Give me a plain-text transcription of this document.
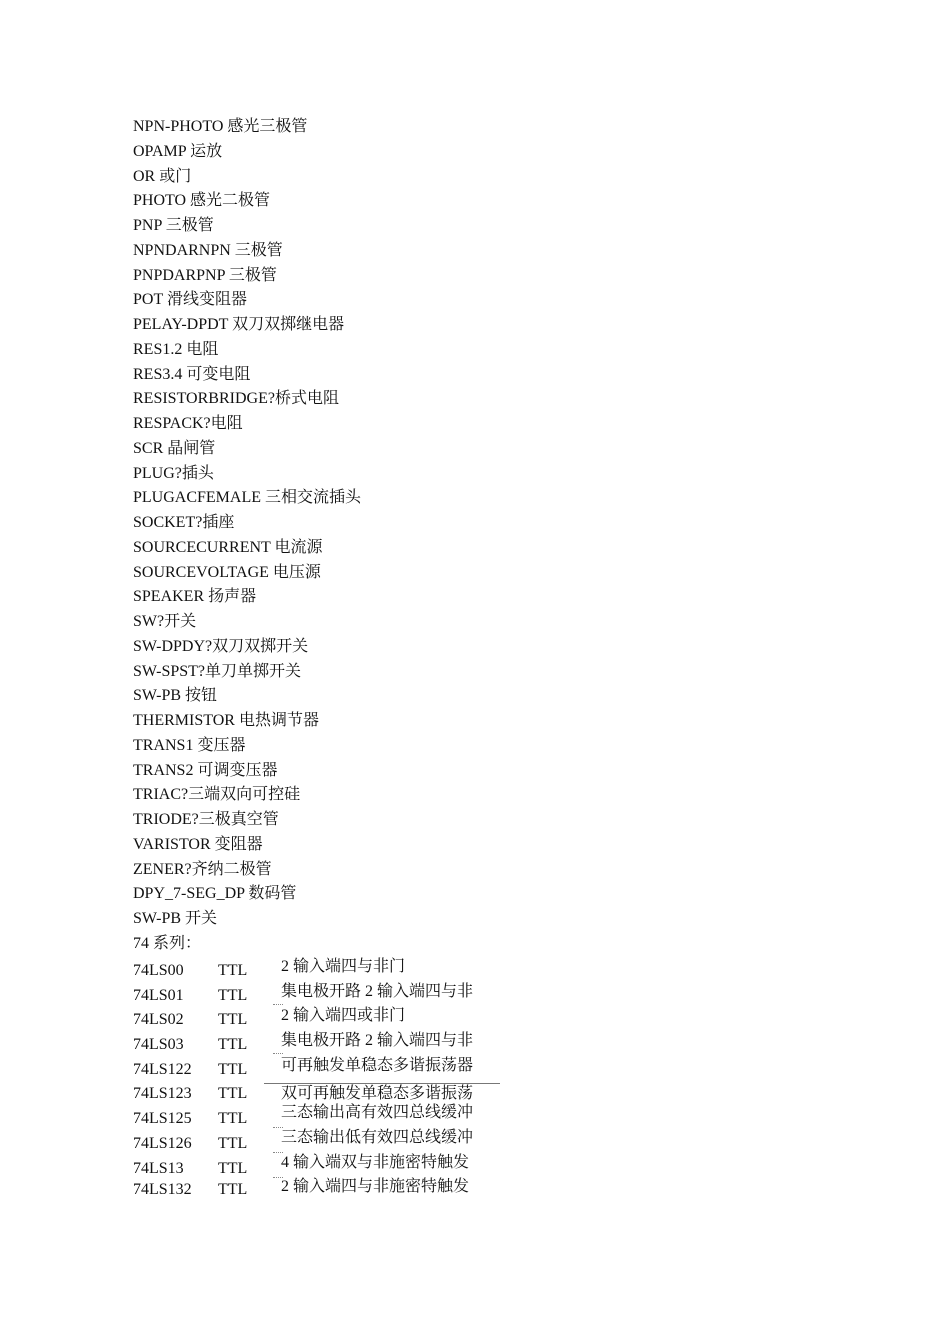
NPN-PHOTO 感光三极管
OPAMP 运放
OR 或门
PHOTO 感光二极管
PNP 三极管
NPNDARNPN 三极管
PNPDARPNP 三极管
POT 滑线变阻器
PELAY-DPDT 双刀双掷继电器
RES1.2 电阻
RES3.4 可变电阻
RESISTORBRIDGE?桥式电阻
RESPACK?电阻
SCR 晶闸管
PLUG?插头
PLUGACFEMALE 三相交流插头
SOCKET?插座
SOURCECURRENT 电流源
SOURCEVOLTAGE 电压源
SPEAKER 扬声器
SW?开关
SW-DPDY?双刀双掷开关
SW-SPST?单刀单掷开关
SW-PB 按钮
THERMISTOR 电热调节器
TRANS1 变压器
TRANS2 可调变压器
TRIAC?三端双向可控硅
TRIODE?三极真空管
VARISTOR 变阻器
ZENER?齐纳二极管
DPY_7-SEG_DP 数码管
SW-PB 开关
74 系列：
74LS00 TTL 2 输入端四与非门
74LS01 TTL 集电极开路 2 输入端四与非
74LS02 TTL 2 输入端四或非门
74LS03 TTL 集电极开路 2 输入端四与非
74LS122 TTL 可再触发单稳态多谐振荡器
74LS123 TTL 双可再触发单稳态多谐振荡
74LS125 TTL 三态输出高有效四总线缓冲
74LS126 TTL 三态输出低有效四总线缓冲
74LS13 TTL 4 输入端双与非施密特触发
74LS132 TTL 2 输入端四与非施密特触发
